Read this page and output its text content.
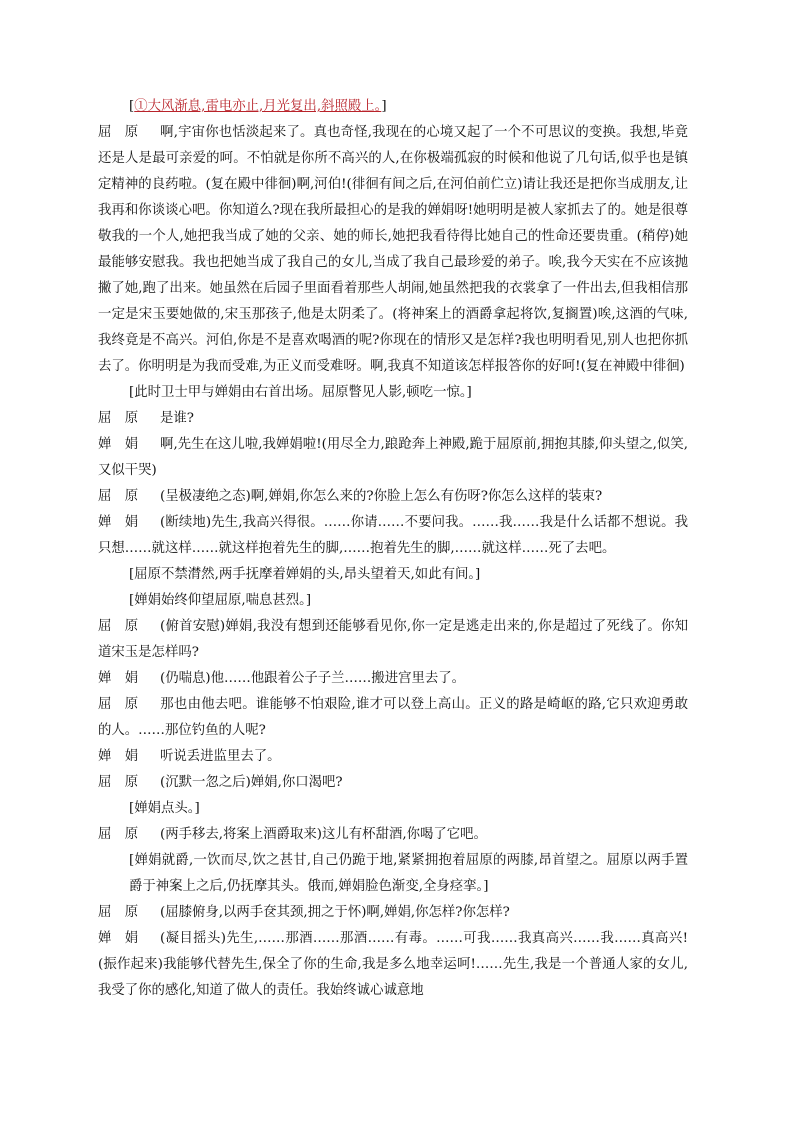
[①大风渐息,雷电亦止,月光复出,斜照殿上。]
屈　原 啊,宇宙你也恬淡起来了。真也奇怪,我现在的心境又起了一个不可思议的变换。我想,毕竟还是人是最可亲爱的呵。不怕就是你所不高兴的人,在你极端孤寂的时候和他说了几句话,似乎也是镇定精神的良药啦。(复在殿中徘徊)啊,河伯!(徘徊有间之后,在河伯前伫立)请让我还是把你当成朋友,让我再和你谈谈心吧。你知道么?现在我所最担心的是我的婵娟呀!她明明是被人家抓去了的。她是很尊敬我的一个人,她把我当成了她的父亲、她的师长,她把我看待得比她自己的性命还要贵重。(稍停)她最能够安慰我。我也把她当成了我自己的女儿,当成了我自己最珍爱的弟子。唉,我今天实在不应该抛撇了她,跑了出来。她虽然在后园子里面看着那些人胡闹,她虽然把我的衣裳拿了一件出去,但我相信那一定是宋玉要她做的,宋玉那孩子,他是太阴柔了。(将神案上的酒爵拿起将饮,复搁置)唉,这酒的气味,我终竟是不高兴。河伯,你是不是喜欢喝酒的呢?你现在的情形又是怎样?我也明明看见,别人也把你抓去了。你明明是为我而受难,为正义而受难呀。啊,我真不知道该怎样报答你的好呵!(复在神殿中徘徊)
[此时卫士甲与婵娟由右首出场。屈原瞥见人影,顿吃一惊。]
屈　原 是谁?
婵　娟 啊,先生在这儿啦,我婵娟啦!(用尽全力,踉跄奔上神殿,跪于屈原前,拥抱其膝,仰头望之,似笑,又似干哭)
屈　原 (呈极凄绝之态)啊,婵娟,你怎么来的?你脸上怎么有伤呀?你怎么这样的装束?
婵　娟 (断续地)先生,我高兴得很。……你请……不要问我。……我……我是什么话都不想说。我只想……就这样……就这样抱着先生的脚,……抱着先生的脚,……就这样……死了去吧。
[屈原不禁潸然,两手抚摩着婵娟的头,昂头望着天,如此有间。]
[婵娟始终仰望屈原,喘息甚烈。]
屈　原 (俯首安慰)婵娟,我没有想到还能够看见你,你一定是逃走出来的,你是超过了死线了。你知道宋玉是怎样吗?
婵　娟 (仍喘息)他……他跟着公子子兰……搬进宫里去了。
屈　原 那也由他去吧。谁能够不怕艰险,谁才可以登上高山。正义的路是崎岖的路,它只欢迎勇敢的人。……那位钓鱼的人呢?
婵　娟 听说丢进监里去了。
屈　原 (沉默一忽之后)婵娟,你口渴吧?
[婵娟点头。]
屈　原 (两手移去,将案上酒爵取来)这儿有杯甜酒,你喝了它吧。
[婵娟就爵,一饮而尽,饮之甚甘,自己仍跪于地,紧紧拥抱着屈原的两膝,昂首望之。屈原以两手置爵于神案上之后,仍抚摩其头。俄而,婵娟脸色渐变,全身痉挛。]
屈　原 (屈膝俯身,以两手奁其颈,拥之于怀)啊,婵娟,你怎样?你怎样?
婵　娟 (凝目摇头)先生,……那酒……那酒……有毒。……可我……我真高兴……我……真高兴!(振作起来)我能够代替先生,保全了你的生命,我是多么地幸运呵!……先生,我是一个普通人家的女儿,我受了你的感化,知道了做人的责任。我始终诚心诚意地
